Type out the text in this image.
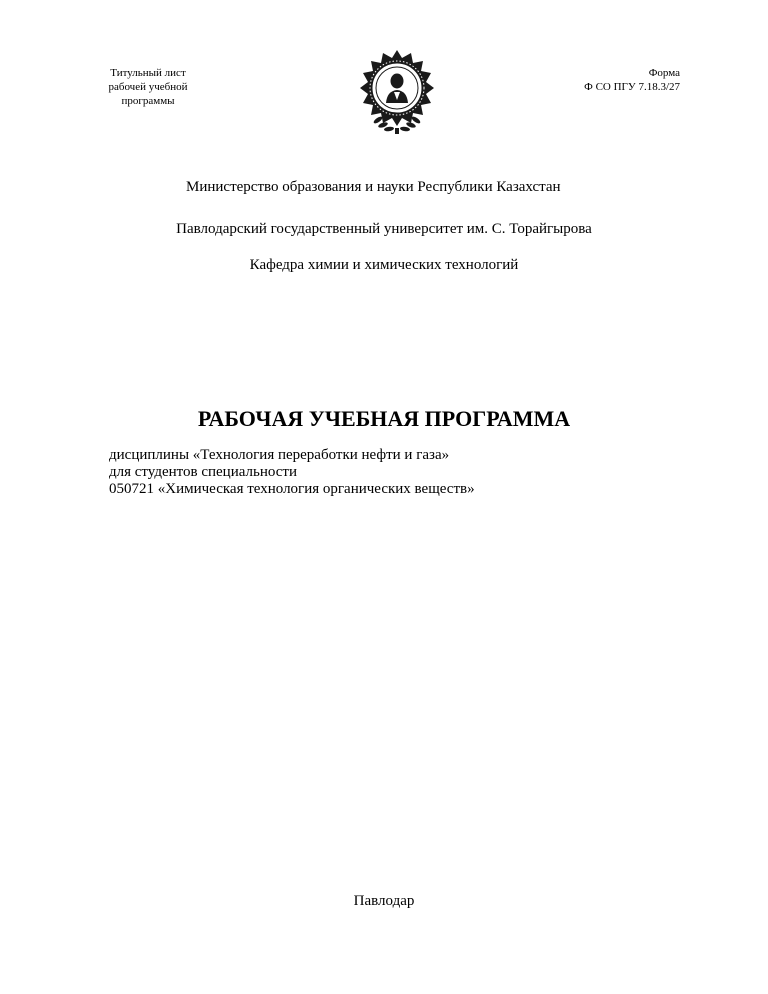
Титульный лист
рабочей учебной
программы
Форма
Ф СО ПГУ 7.18.3/27
Министерство образования и науки Республики Казахстан
Павлодарский государственный университет им. С. Торайгырова
Кафедра химии и химических технологий
РАБОЧАЯ УЧЕБНАЯ ПРОГРАММА
дисциплины «Технология переработки нефти и газа»
для студентов специальности
050721 «Химическая технология органических веществ»
Павлодар
